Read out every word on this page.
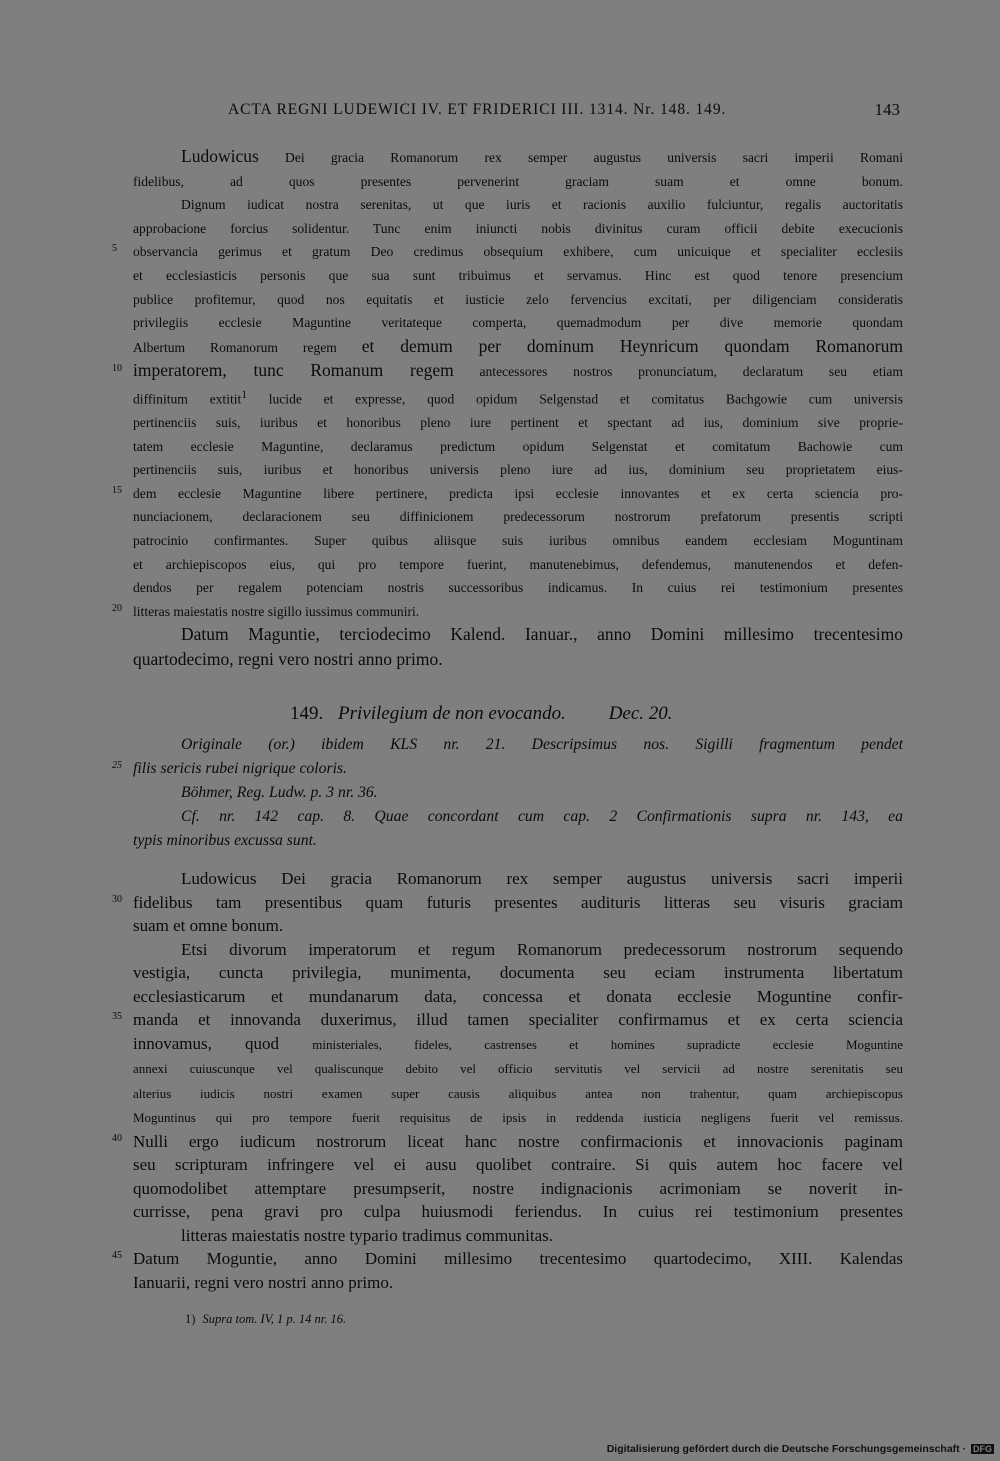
ACTA REGNI LUDEWICI IV. ET FRIDERICI III. 1314. Nr. 148. 149.	143
Ludowicus Dei gracia Romanorum rex semper augustus universis sacri imperii Romani
fidelibus, ad quos presentes pervenerint graciam suam et omne bonum.
Dignum iudicat nostra serenitas, ut que iuris et racionis auxilio fulciuntur, regalis auctoritatis
approbacione forcius solidentur. Tunc enim iniuncti nobis divinitus curam officii debite execucionis
5 observancia gerimus et gratum Deo credimus obsequium exhibere, cum unicuique et specialiter ecclesiis
et ecclesiasticis personis que sua sunt tribuimus et servamus. Hinc est quod tenore presencium
publice profitemur, quod nos equitatis et iusticie zelo fervencius excitati, per diligenciam consideratis
privilegiis ecclesie Maguntine veritateque comperta, quemadmodum per dive memorie quondam
Albertum Romanorum regem et demum per dominum Heynricum quondam Romanorum
10 imperatorem, tunc Romanum regem antecessores nostros pronunciatum, declaratum seu etiam
diffinitum extitit$^1$ lucide et expresse, quod opidum Selgenstad et comitatus Bachgowie cum universis
pertinenciis suis, iuribus et honoribus pleno iure pertinent et spectant ad ius, dominium sive proprie-
tatem ecclesie Maguntine, declaramus predictum opidum Selgenstat et comitatum Bachowie cum
pertinenciis suis, iuribus et honoribus universis pleno iure ad ius, dominium seu proprietatem eius-
15 dem ecclesie Maguntine libere pertinere, predicta ipsi ecclesie innovantes et ex certa sciencia pro-
nunciacionem, declaracionem seu diffinicionem predecessorum nostrorum prefatorum presentis scripti
patrocinio confirmantes. Super quibus aliisque suis iuribus omnibus eandem ecclesiam Moguntinam
et archiepiscopos eius, qui pro tempore fuerint, manutenebimus, defendemus, manutenendos et defen-
dendos per regalem potenciam nostris successoribus indicamus. In cuius rei testimonium presentes
20 litteras maiestatis nostre sigillo iussimus communiri.
Datum Maguntie, terciodecimo Kalend. Ianuar., anno Domini millesimo trecentesimo
quartodecimo, regni vero nostri anno primo.
149. Privilegium de non evocando. Dec. 20.
Originale (or.) ibidem KLS nr. 21. Descripsimus nos. Sigilli fragmentum pendet
25 filis sericis rubei nigrique coloris.
Böhmer, Reg. Ludw. p. 3 nr. 36.
Cf. nr. 142 cap. 8. Quae concordant cum cap. 2 Confirmationis supra nr. 143, ea
typis minoribus excussa sunt.
Ludowicus Dei gracia Romanorum rex semper augustus universis sacri imperii
30 fidelibus tam presentibus quam futuris presentes audituris litteras seu visuris graciam
suam et omne bonum.
Etsi divorum imperatorum et regum Romanorum predecessorum nostrorum sequendo
vestigia, cuncta privilegia, munimenta, documenta seu eciam instrumenta libertatum
ecclesiasticarum et mundanarum data, concessa et donata ecclesie Moguntine confir-
35 manda et innovanda duxerimus, illud tamen specialiter confirmamus et ex certa sciencia
innovamus, quod ministeriales, fideles, castrenses et homines supradicte ecclesie Moguntine
annexi cuiuscunque vel qualiscunque debito vel officio servitutis vel servicii ad nostre serenitatis seu
alterius iudicis nostri examen super causis aliquibus antea non trahentur, quam archiepiscopus
Moguntinus qui pro tempore fuerit requisitus de ipsis in reddenda iusticia negligens fuerit vel remissus.
40 Nulli ergo iudicum nostrorum liceat hanc nostre confirmacionis et innovacionis paginam
seu scripturam infringere vel ei ausu quolibet contraire. Si quis autem hoc facere vel
quomodolibet attemptare presumpserit, nostre indignacionis acrimoniam se noverit in-
currisse, pena gravi pro culpa huiusmodi feriendus. In cuius rei testimonium presentes
litteras maiestatis nostre typario tradimus communitas.
45 Datum Moguntie, anno Domini millesimo trecentesimo quartodecimo, XIII. Kalendas
Ianuarii, regni vero nostri anno primo.
1) Supra tom. IV, 1 p. 14 nr. 16.
Digitalisierung gefördert durch die Deutsche Forschungsgemeinschaft · DFG
